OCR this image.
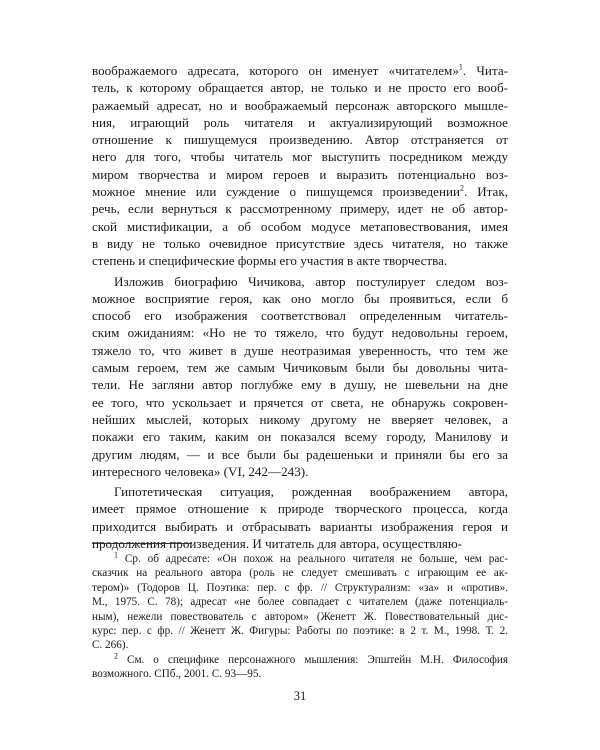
воображаемого адресата, которого он именует «читателем»$^1$. Чита-
тель, к которому обращается автор, не только и не просто его вооб-
ражаемый адресат, но и воображаемый персонаж авторского мышле-
ния, играющий роль читателя и актуализирующий возможное
отношение к пишущемуся произведению. Автор отстраняется от
него для того, чтобы читатель мог выступить посредником между
миром творчества и миром героев и выразить потенциально воз-
можное мнение или суждение о пишущемся произведении$^2$. Итак,
речь, если вернуться к рассмотренному примеру, идет не об автор-
ской мистификации, а об особом модусе метаповествования, имея
в виду не только очевидное присутствие здесь читателя, но также
степень и специфические формы его участия в акте творчества.
Изложив биографию Чичикова, автор постулирует следом воз-
можное восприятие героя, как оно могло бы проявиться, если б
способ его изображения соответствовал определенным читатель-
ским ожиданиям: «Но не то тяжело, что будут недовольны героем,
тяжело то, что живет в душе неотразимая уверенность, что тем же
самым героем, тем же самым Чичиковым были бы довольны чита-
тели. Не загляни автор поглубже ему в душу, не шевельни на дне
ее того, что ускользает и прячется от света, не обнаружь сокровен-
нейших мыслей, которых никому другому не вверяет человек, а
покажи его таким, каким он показался всему городу, Манилову и
другим людям, — и все были бы радешеньки и приняли бы его за
интересного человека» (VI, 242—243).
Гипотетическая ситуация, рожденная воображением автора,
имеет прямое отношение к природе творческого процесса, когда
приходится выбирать и отбрасывать варианты изображения героя и
продолжения произведения. И читатель для автора, осуществляю-
$^1$ Ср. об адресате: «Он похож на реального читателя не больше, чем рас-
сказчик на реального автора (роль не следует смешивать с играющим ее ак-
тером)» (Тодоров Ц. Поэтика: пер. с фр. // Структурализм: «за» и «против».
М., 1975. С. 78); адресат «не более совпадает с читателем (даже потенциаль-
ным), нежели повествователь с автором» (Женетт Ж. Повествовательный дис-
курс: пер. с фр. // Женетт Ж. Фигуры: Работы по поэтике: в 2 т. М., 1998. Т. 2.
С. 266).
$^2$ См. о специфике персонажного мышления: Эпштейн М.Н. Философия
возможного. СПб., 2001. С. 93—95.
31
